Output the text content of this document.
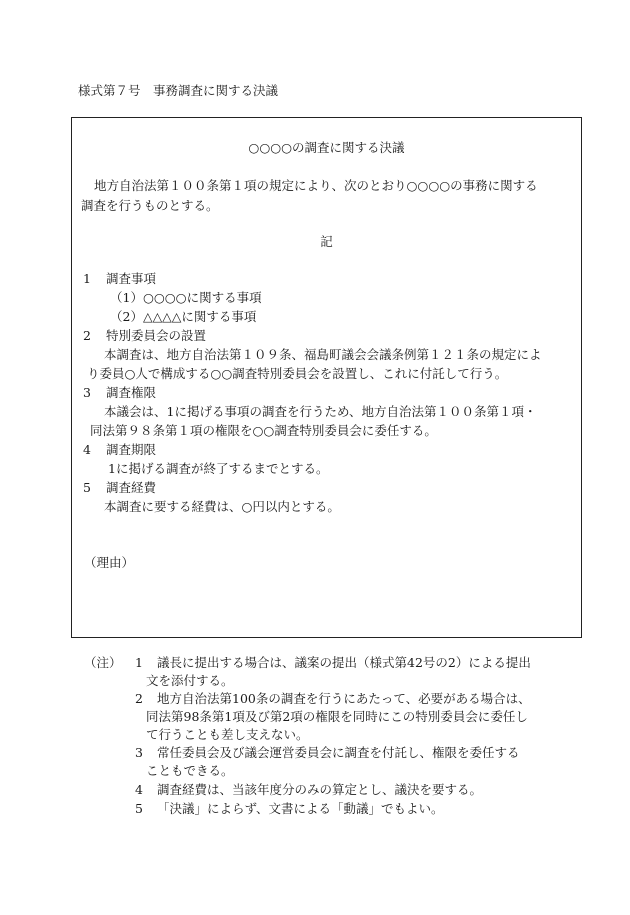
様式第７号　事務調査に関する決議
○○○○の調査に関する決議
地方自治法第１００条第１項の規定により、次のとおり○○○○の事務に関する
調査を行うものとする。
記
1 調査事項
（1）○○○○に関する事項
（2）△△△△に関する事項
2 特別委員会の設置
本調査は、地方自治法第１０９条、福島町議会会議条例第１２１条の規定によ
り委員○人で構成する○○調査特別委員会を設置し、これに付託して行う。
3 調査権限
本議会は、1に掲げる事項の調査を行うため、地方自治法第１００条第１項・
同法第９８条第１項の権限を○○調査特別委員会に委任する。
4 調査期限
1に掲げる調査が終了するまでとする。
5 調査経費
本調査に要する経費は、○円以内とする。
（理由）
（注） 1 議長に提出する場合は、議案の提出（様式第42号の2）による提出
文を添付する。
2 地方自治法第100条の調査を行うにあたって、必要がある場合は、
同法第98条第1項及び第2項の権限を同時にこの特別委員会に委任し
て行うことも差し支えない。
3 常任委員会及び議会運営委員会に調査を付託し、権限を委任する
こともできる。
4 調査経費は、当該年度分のみの算定とし、議決を要する。
5 「決議」によらず、文書による「動議」でもよい。
